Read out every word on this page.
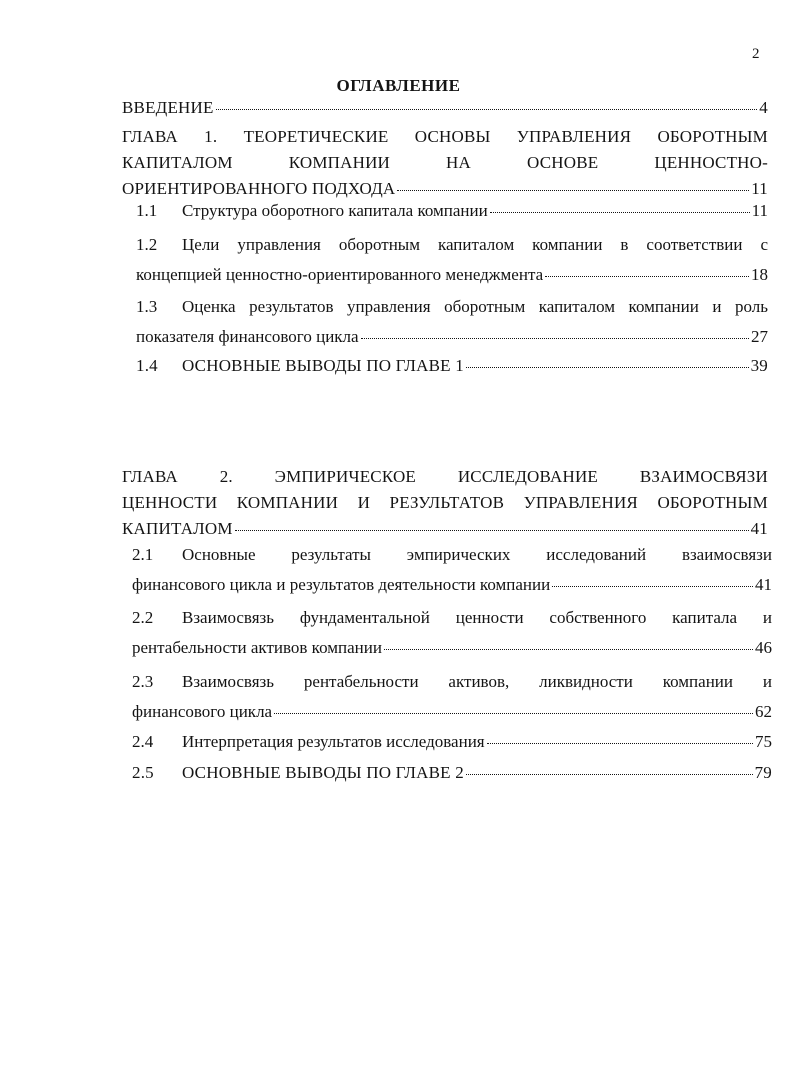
2
ОГЛАВЛЕНИЕ
ВВЕДЕНИЕ	4
ГЛАВА 1. ТЕОРЕТИЧЕСКИЕ ОСНОВЫ УПРАВЛЕНИЯ ОБОРОТНЫМ
КАПИТАЛОМ КОМПАНИИ НА ОСНОВЕ ЦЕННОСТНО-
ОРИЕНТИРОВАННОГО ПОДХОДА	11
1.1	Структура оборотного капитала компании	11
1.2	Цели управления оборотным капиталом компании в соответствии с
концепцией ценностно-ориентированного менеджмента	18
1.3	Оценка результатов управления оборотным капиталом компании и роль
показателя финансового цикла	27
1.4	ОСНОВНЫЕ ВЫВОДЫ ПО ГЛАВЕ 1	39
ГЛАВА 2. ЭМПИРИЧЕСКОЕ ИССЛЕДОВАНИЕ ВЗАИМОСВЯЗИ
ЦЕННОСТИ КОМПАНИИ И РЕЗУЛЬТАТОВ УПРАВЛЕНИЯ ОБОРОТНЫМ
КАПИТАЛОМ	41
2.1	Основные результаты эмпирических исследований взаимосвязи
финансового цикла и результатов деятельности компании	41
2.2	Взаимосвязь фундаментальной ценности собственного капитала и
рентабельности активов компании	46
2.3	Взаимосвязь рентабельности активов, ликвидности компании и
финансового цикла	62
2.4	Интерпретация результатов исследования	75
2.5	ОСНОВНЫЕ ВЫВОДЫ ПО ГЛАВЕ 2	79
